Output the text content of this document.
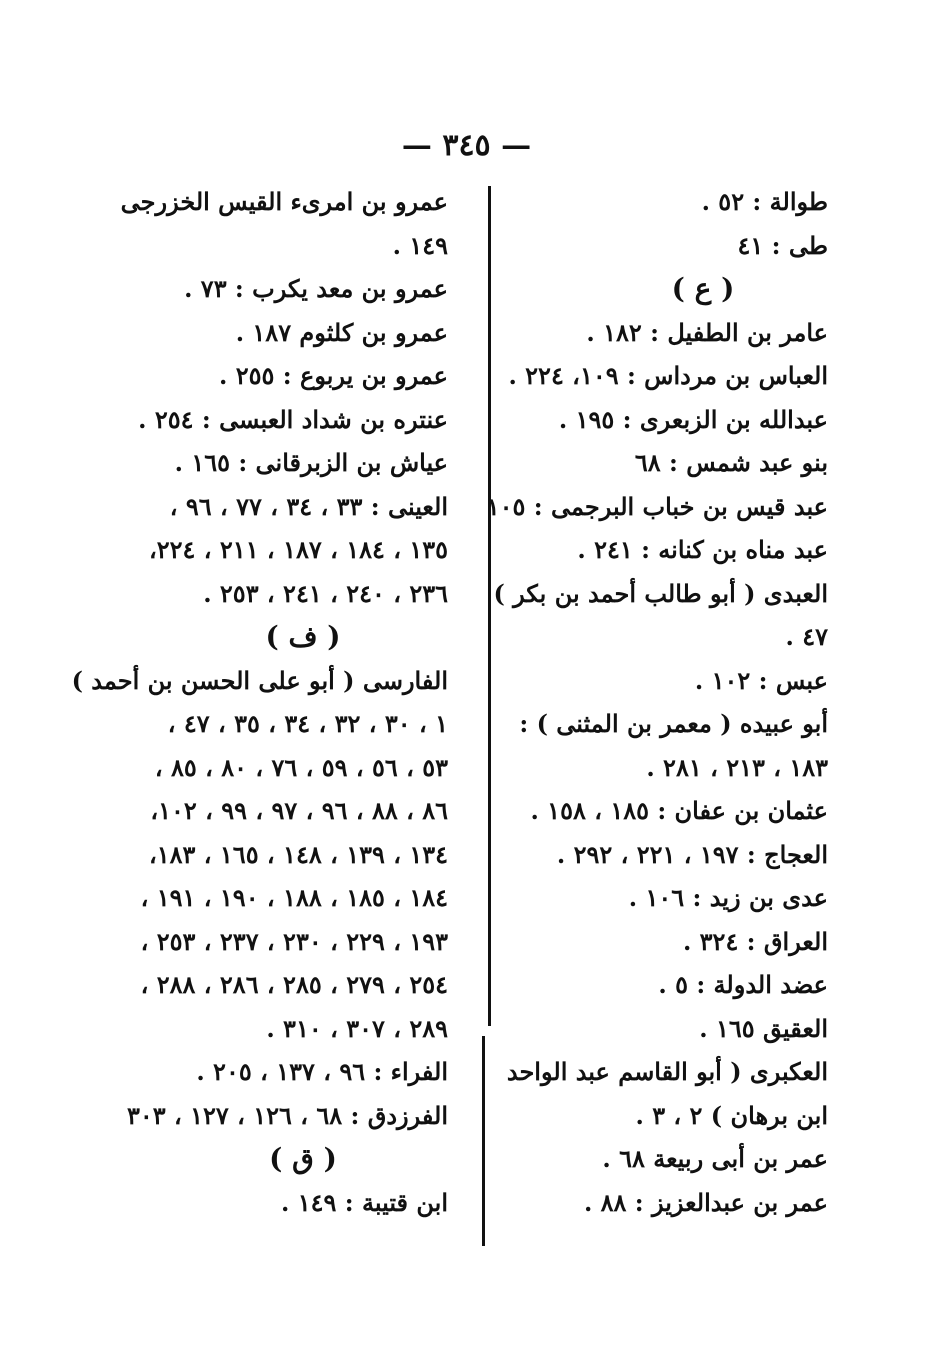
— ٣٤٥ —
طوالة : ٥٢ .
طى : ٤١
( ع )
عامر بن الطفيل : ١٨٢ .
العباس بن مرداس : ١٠٩، ٢٢٤ .
عبدالله بن الزبعرى : ١٩٥ .
بنو عبد شمس : ٦٨
عبد قيس بن خباب البرجمى : ١٠٥
عبد مناه بن كنانه : ٢٤١ .
العبدى ( أبو طالب أحمد بن بكر )
٤٧ .
عبس : ١٠٢ .
أبو عبيده ( معمر بن المثنى ) :
١٨٣ ، ٢١٣ ، ٢٨١ .
عثمان بن عفان : ١٨٥ ، ١٥٨ .
العجاج : ١٩٧ ، ٢٢١ ، ٢٩٢ .
عدى بن زيد : ١٠٦ .
العراق : ٣٢٤ .
عضد الدولة : ٥ .
العقيق ١٦٥ .
العكبرى ( أبو القاسم عبد الواحد
ابن برهان ) ٢ ، ٣ .
عمر بن أبى ربيعة ٦٨ .
عمر بن عبدالعزيز : ٨٨ .
عمرو بن امرىء القيس الخزرجى
١٤٩ .
عمرو بن معد يكرب : ٧٣ .
عمرو بن كلثوم ١٨٧ .
عمرو بن يربوع : ٢٥٥ .
عنتره بن شداد العبسى : ٢٥٤ .
عياش بن الزبرقانى : ١٦٥ .
العينى : ٣٣ ، ٣٤ ، ٧٧ ، ٩٦ ،
١٣٥ ، ١٨٤ ، ١٨٧ ، ٢١١ ، ٢٢٤،
٢٣٦ ، ٢٤٠ ، ٢٤١ ، ٢٥٣ .
( ف )
الفارسى ( أبو على الحسن بن أحمد )
١ ، ٣٠ ، ٣٢ ، ٣٤ ، ٣٥ ، ٤٧ ،
٥٣ ، ٥٦ ، ٥٩ ، ٧٦ ، ٨٠ ، ٨٥ ،
٨٦ ، ٨٨ ، ٩٦ ، ٩٧ ، ٩٩ ، ١٠٢،
١٣٤ ، ١٣٩ ، ١٤٨ ، ١٦٥ ، ١٨٣،
١٨٤ ، ١٨٥ ، ١٨٨ ، ١٩٠ ، ١٩١ ،
١٩٣ ، ٢٢٩ ، ٢٣٠ ، ٢٣٧ ، ٢٥٣ ،
٢٥٤ ، ٢٧٩ ، ٢٨٥ ، ٢٨٦ ، ٢٨٨ ،
٢٨٩ ، ٣٠٧ ، ٣١٠ .
الفراء : ٩٦ ، ١٣٧ ، ٢٠٥ .
الفرزدق : ٦٨ ، ١٢٦ ، ١٢٧ ، ٣٠٣
( ق )
ابن قتيبة : ١٤٩ .
